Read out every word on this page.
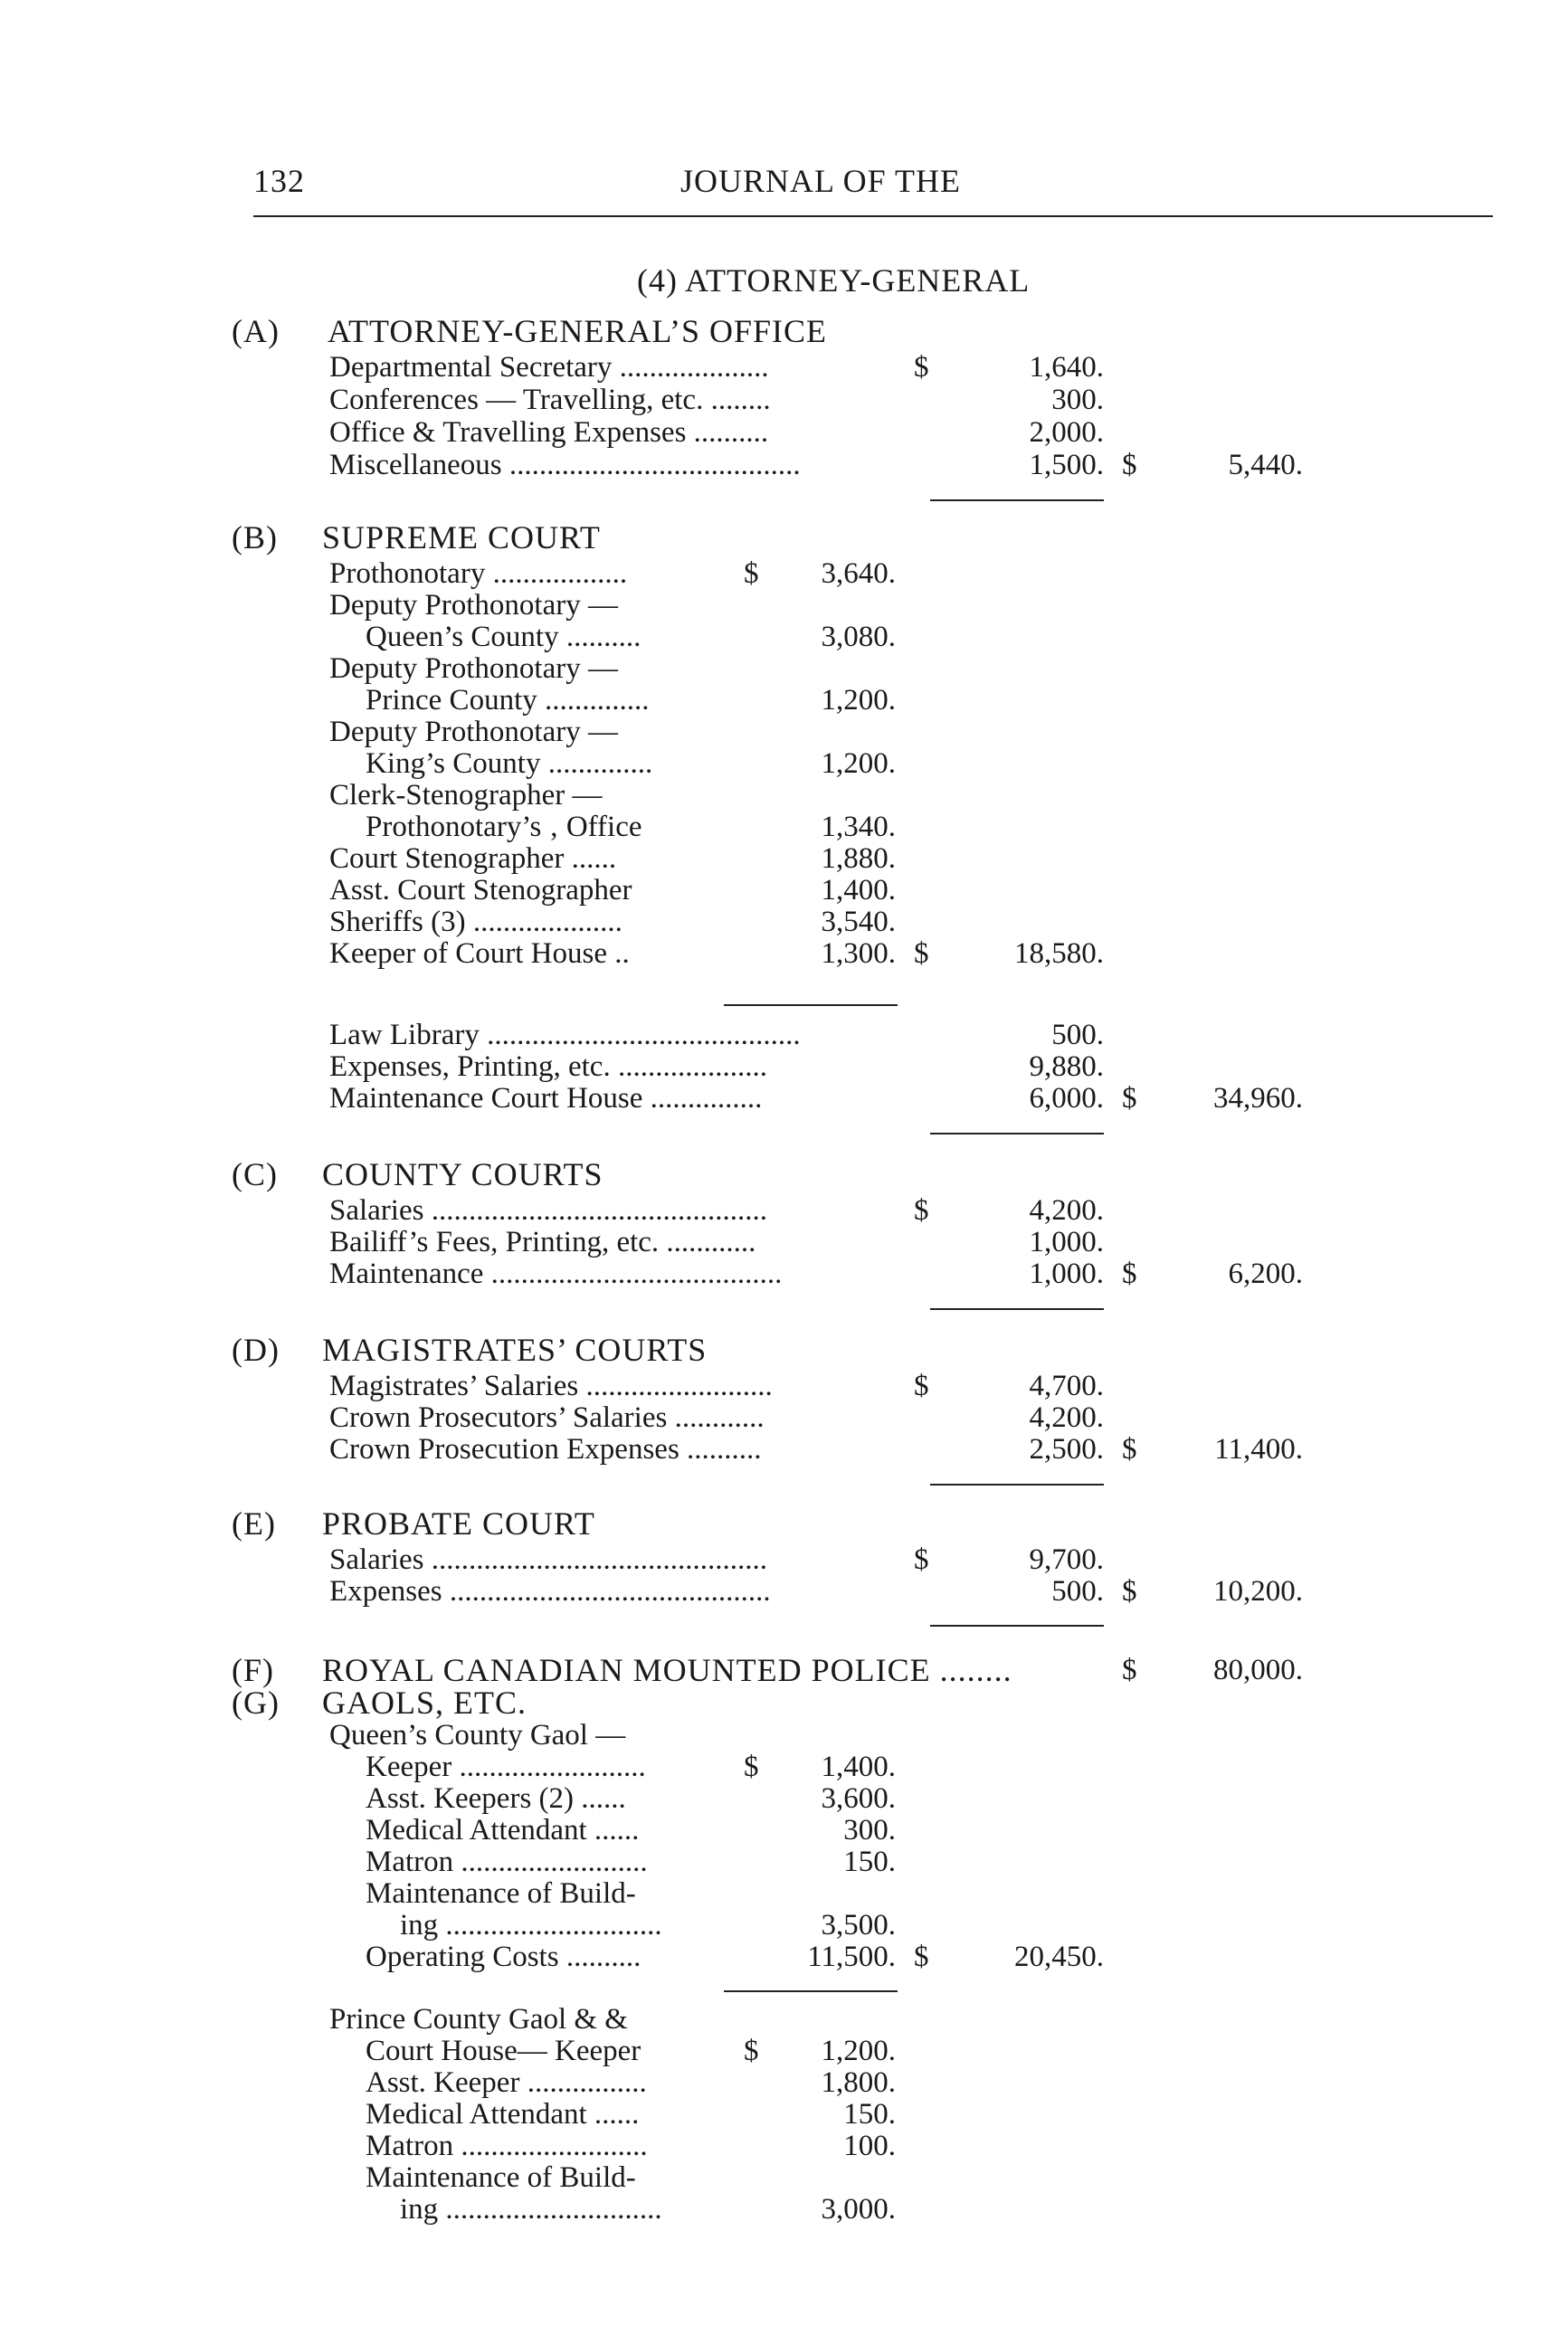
132	JOURNAL OF THE
(4) ATTORNEY-GENERAL
(A) ATTORNEY-GENERAL’S OFFICE
Departmental Secretary ....................	$	1,640.
Conferences — Travelling, etc. ........	300.
Office & Travelling Expenses ..........	2,000.
Miscellaneous .......................................	1,500. $	5,440.
(B) SUPREME COURT
Prothonotary ..................	$	3,640.
Deputy Prothonotary —
Queen’s County ..........	3,080.
Deputy Prothonotary —
Prince County ..............	1,200.
Deputy Prothonotary —
King’s County ..............	1,200.
Clerk-Stenographer —
Prothonotary’s ‚ Office	1,340.
Court Stenographer ......	1,880.
Asst. Court Stenographer	1,400.
Sheriffs (3) ....................	3,540.
Keeper of Court House ..	1,300. $	18,580.
Law Library ..........................................	500.
Expenses, Printing, etc. ....................	9,880.
Maintenance Court House ...............	6,000. $	34,960.
(C) COUNTY COURTS
Salaries .............................................	$	4,200.
Bailiff’s Fees, Printing, etc. ............	1,000.
Maintenance .......................................	1,000. $	6,200.
(D) MAGISTRATES’ COURTS
Magistrates’ Salaries .........................	$	4,700.
Crown Prosecutors’ Salaries ............	4,200.
Crown Prosecution Expenses ..........	2,500. $	11,400.
(E) PROBATE COURT
Salaries .............................................	$	9,700.
Expenses ...........................................	500. $	10,200.
(F) ROYAL CANADIAN MOUNTED POLICE ........	$	80,000.
(G) GAOLS, ETC.
Queen’s County Gaol —
Keeper .........................	$	1,400.
Asst. Keepers (2) ......	3,600.
Medical Attendant ......	300.
Matron .........................	150.
Maintenance of Build-
ing .............................	3,500.
Operating Costs ..........	11,500. $	20,450.
Prince County Gaol & &
Court House— Keeper	$	1,200.
Asst. Keeper ................	1,800.
Medical Attendant ......	150.
Matron .........................	100.
Maintenance of Build-
ing .............................	3,000.
